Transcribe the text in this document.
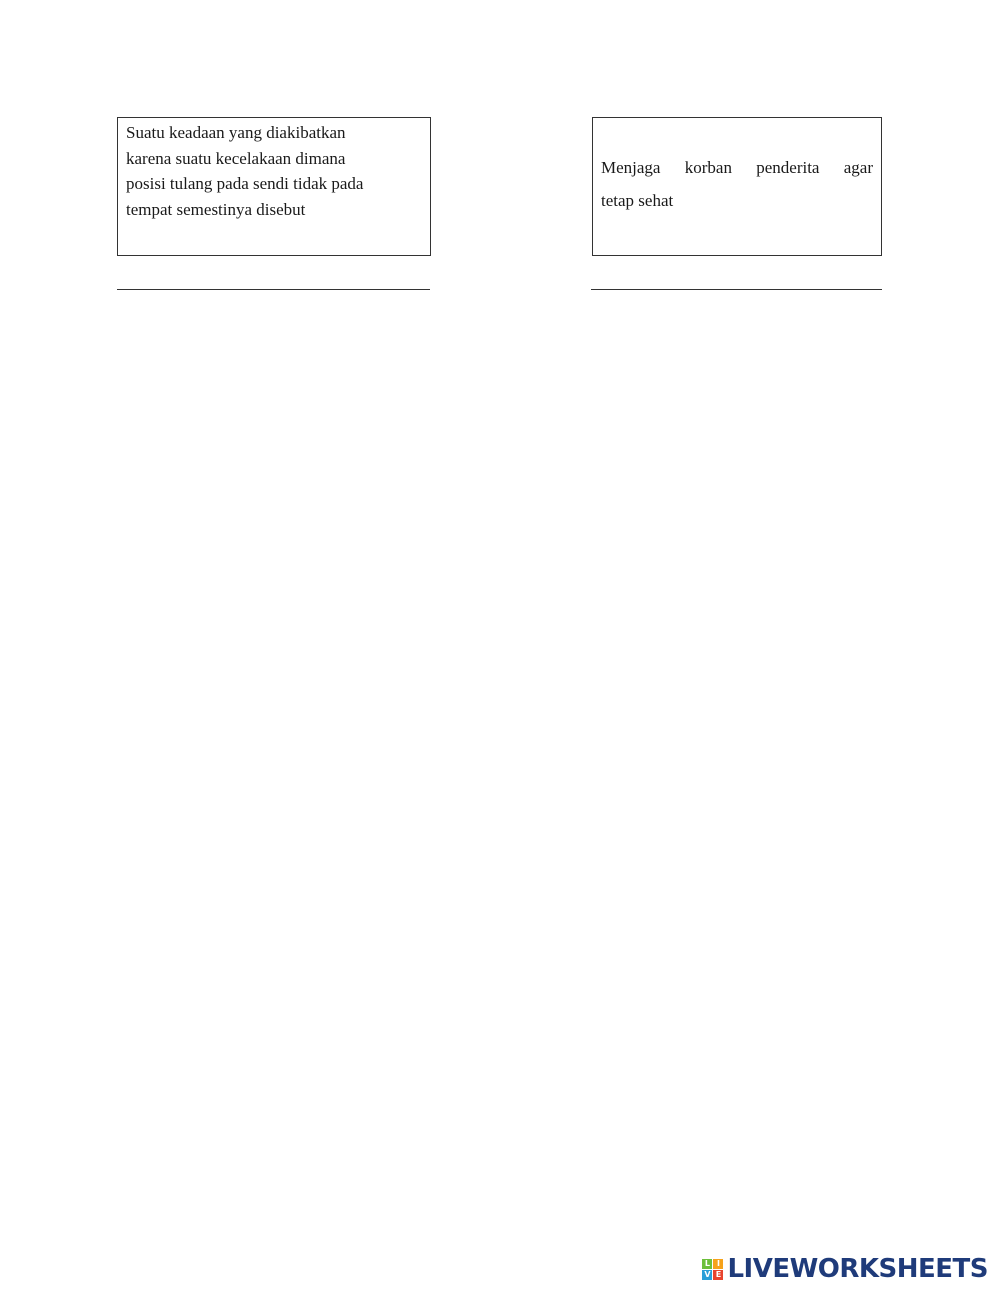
Suatu keadaan yang diakibatkan
karena suatu kecelakaan dimana
posisi tulang pada sendi tidak pada
tempat semestinya disebut
Menjaga korban penderita agar
tetap sehat
L I
V E LIVEWORKSHEETS
